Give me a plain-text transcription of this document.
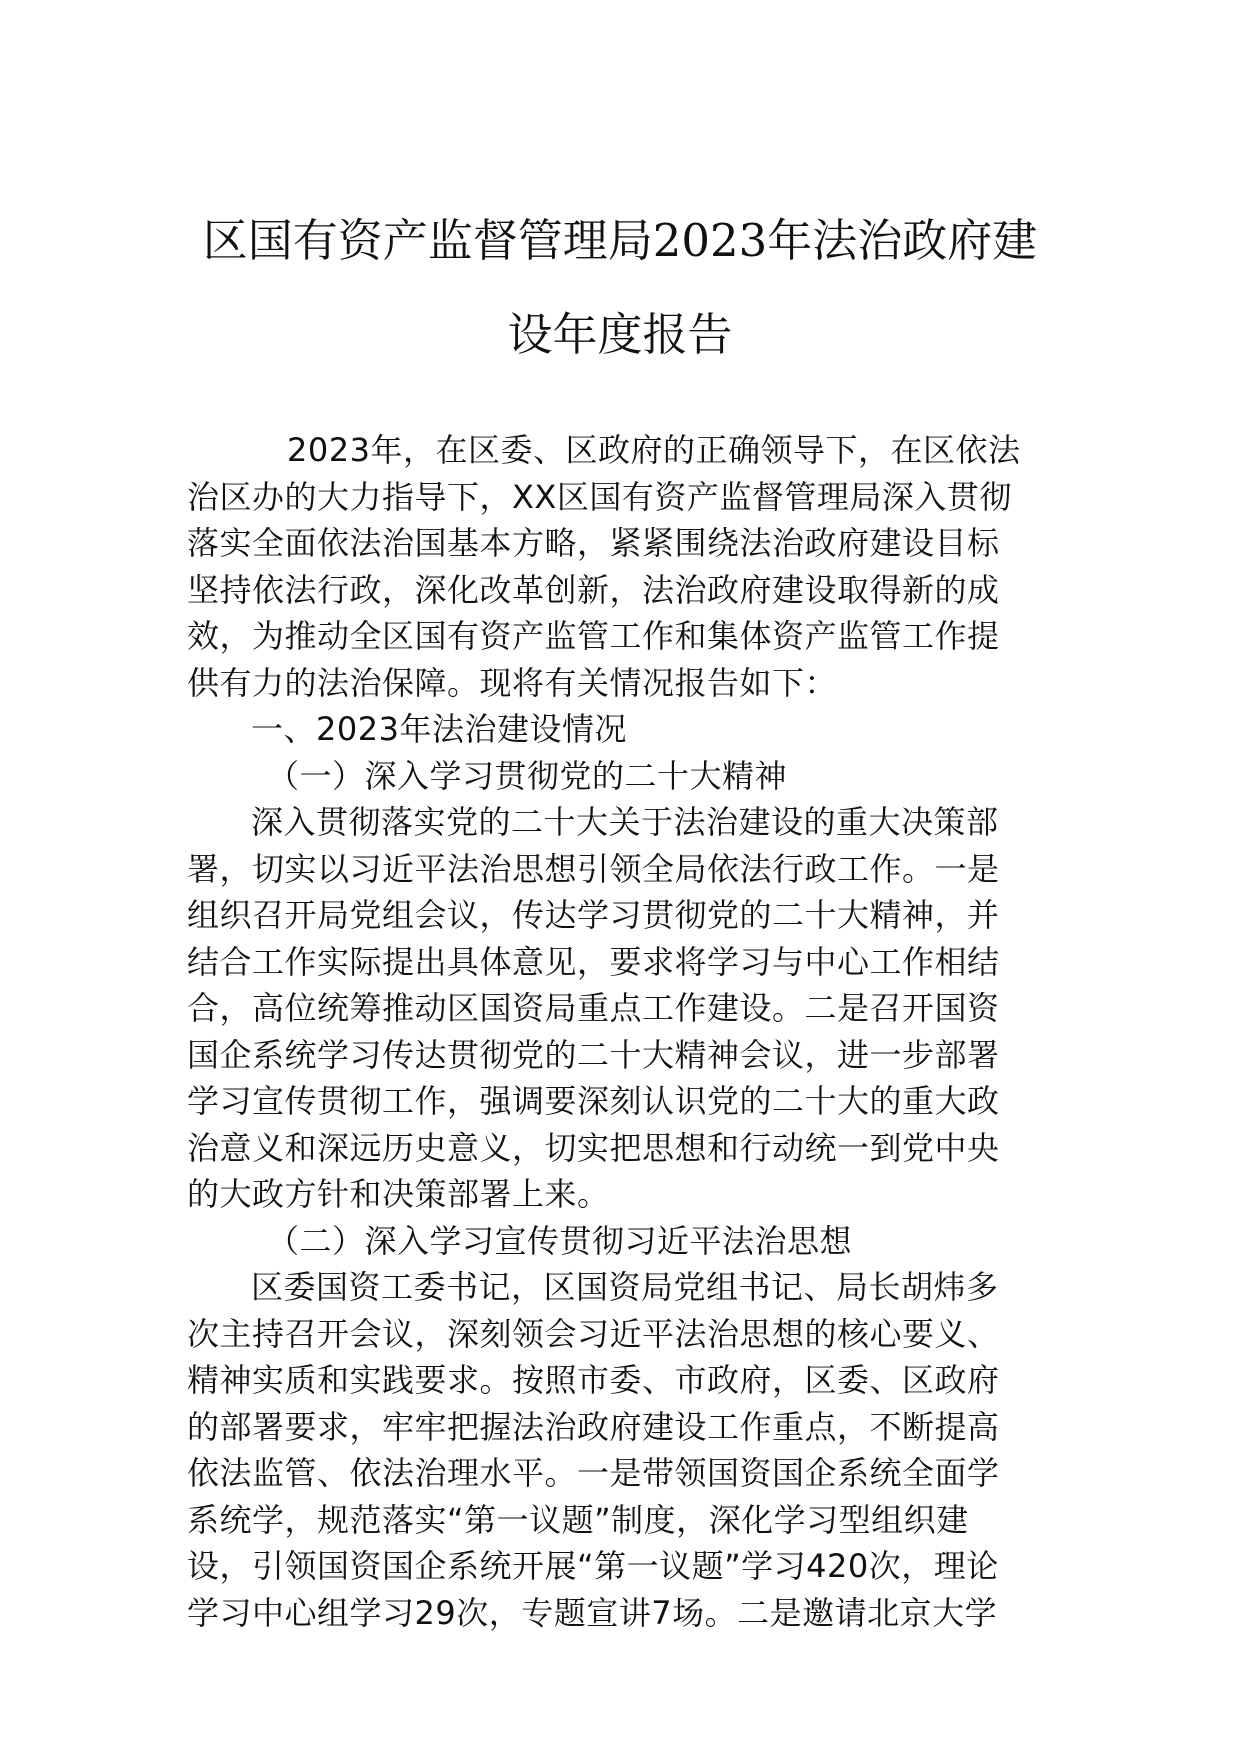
区国有资产监督管理局2023年法治政府建
设年度报告
2023年，在区委、区政府的正确领导下，在区依法
治区办的大力指导下，XX区国有资产监督管理局深入贯彻
落实全面依法治国基本方略，紧紧围绕法治政府建设目标
坚持依法行政，深化改革创新，法治政府建设取得新的成
效，为推动全区国有资产监管工作和集体资产监管工作提
供有力的法治保障。现将有关情况报告如下：
一、2023年法治建设情况
（一）深入学习贯彻党的二十大精神
深入贯彻落实党的二十大关于法治建设的重大决策部
署，切实以习近平法治思想引领全局依法行政工作。一是
组织召开局党组会议，传达学习贯彻党的二十大精神，并
结合工作实际提出具体意见，要求将学习与中心工作相结
合，高位统筹推动区国资局重点工作建设。二是召开国资
国企系统学习传达贯彻党的二十大精神会议，进一步部署
学习宣传贯彻工作，强调要深刻认识党的二十大的重大政
治意义和深远历史意义，切实把思想和行动统一到党中央
的大政方针和决策部署上来。
（二）深入学习宣传贯彻习近平法治思想
区委国资工委书记，区国资局党组书记、局长胡炜多
次主持召开会议，深刻领会习近平法治思想的核心要义、
精神实质和实践要求。按照市委、市政府，区委、区政府
的部署要求，牢牢把握法治政府建设工作重点，不断提高
依法监管、依法治理水平。一是带领国资国企系统全面学
系统学，规范落实“第一议题”制度，深化学习型组织建
设，引领国资国企系统开展“第一议题”学习420次，理论
学习中心组学习29次，专题宣讲7场。二是邀请北京大学
